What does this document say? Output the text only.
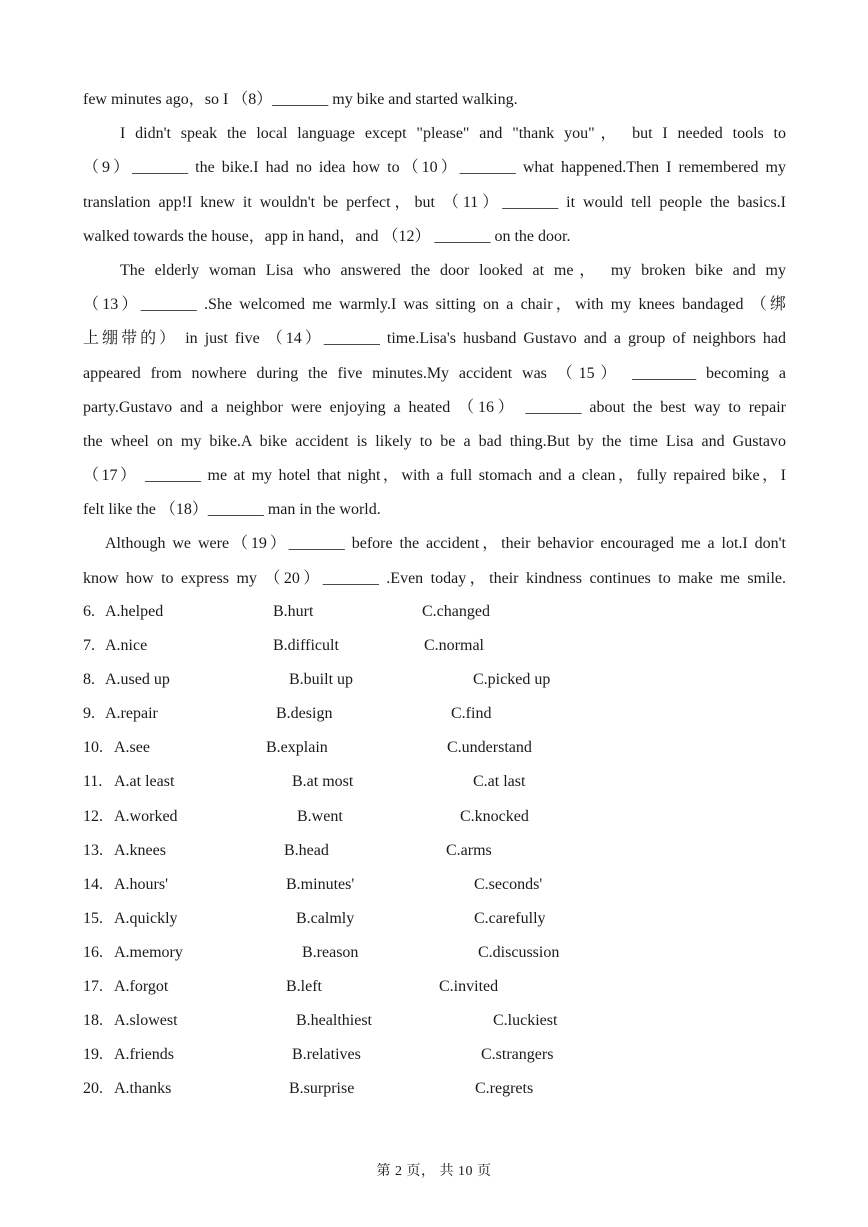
few minutes ago，so I （8）_______ my bike and started walking.
I didn't speak the local language except "please" and "thank you"， but I needed tools to
（9）_______ the bike.I had no idea how to（10）_______ what happened.Then I remembered my
translation app!I knew it wouldn't be perfect，but （11）_______ it would tell people the basics.I
walked towards the house，app in hand，and （12） _______ on the door.
The elderly woman Lisa who answered the door looked at me， my broken bike and my
（13）_______ .She welcomed me warmly.I was sitting on a chair，with my knees bandaged （绑
上绷带的） in just five （14）_______ time.Lisa's husband Gustavo and a group of neighbors had
appeared from nowhere during the five minutes.My accident was （15） ________ becoming a
party.Gustavo and a neighbor were enjoying a heated （16） _______ about the best way to repair
the wheel on my bike.A bike accident is likely to be a bad thing.But by the time Lisa and Gustavo
（17） _______ me at my hotel that night，with a full stomach and a clean，fully repaired bike，I
felt like the （18）_______ man in the world.
Although we were（19）_______ before the accident，their behavior encouraged me a lot.I don't
know how to express my （20）_______ .Even today，their kindness continues to make me smile.
6. A.helped	B.hurt	C.changed
7. A.nice	B.difficult	C.normal
8. A.used up	B.built up	C.picked up
9. A.repair	B.design	C.find
10. A.see	B.explain	C.understand
11. A.at least	B.at most	C.at last
12. A.worked	B.went	C.knocked
13. A.knees	B.head	C.arms
14. A.hours'	B.minutes'	C.seconds'
15. A.quickly	B.calmly	C.carefully
16. A.memory	B.reason	C.discussion
17. A.forgot	B.left	C.invited
18. A.slowest	B.healthiest	C.luckiest
19. A.friends	B.relatives	C.strangers
20. A.thanks	B.surprise	C.regrets
第 2 页， 共 10 页
